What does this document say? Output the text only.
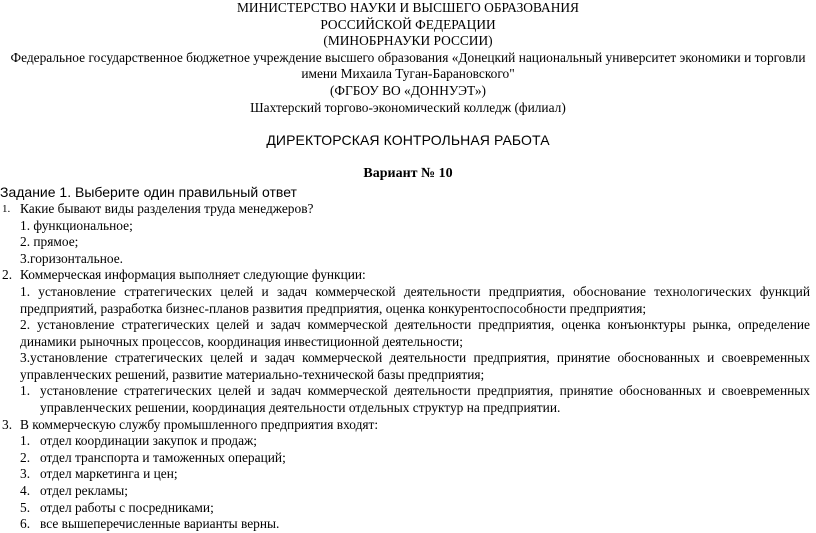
МИНИСТЕРСТВО НАУКИ И ВЫСШЕГО ОБРАЗОВАНИЯ
РОССИЙСКОЙ ФЕДЕРАЦИИ
(МИНОБРНАУКИ РОССИИ)
Федеральное государственное бюджетное учреждение высшего образования «Донецкий национальный университет экономики и торговли
имени Михаила Туган-Барановского"
(ФГБОУ ВО «ДОННУЭТ»)
Шахтерский торгово-экономический колледж (филиал)
ДИРЕКТОРСКАЯ КОНТРОЛЬНАЯ РАБОТА
Вариант № 10
Задание 1. Выберите один правильный ответ
1. Какие бывают виды разделения труда менеджеров?
1. функциональное;
2. прямое;
3.горизонтальное.
2. Коммерческая информация выполняет следующие функции:
1. установление стратегических целей и задач коммерческой деятельности предприятия, обоснование технологических функций предприятий, разработка бизнес-планов развития предприятия, оценка конкурентоспособности предприятия;
2. установление стратегических целей и задач коммерческой деятельности предприятия, оценка конъюнктуры рынка, определение динамики рыночных процессов, координация инвестиционной деятельности;
3.установление стратегических целей и задач коммерческой деятельности предприятия, принятие обоснованных и своевременных управленческих решений, развитие материально-технической базы предприятия;
1. установление стратегических целей и задач коммерческой деятельности предприятия, принятие обоснованных и своевременных управленческих решении, координация деятельности отдельных структур на предприятии.
3. В коммерческую службу промышленного предприятия входят:
1. отдел координации закупок и продаж;
2. отдел транспорта и таможенных операций;
3. отдел маркетинга и цен;
4. отдел рекламы;
5. отдел работы с посредниками;
6. все вышеперечисленные варианты верны.
